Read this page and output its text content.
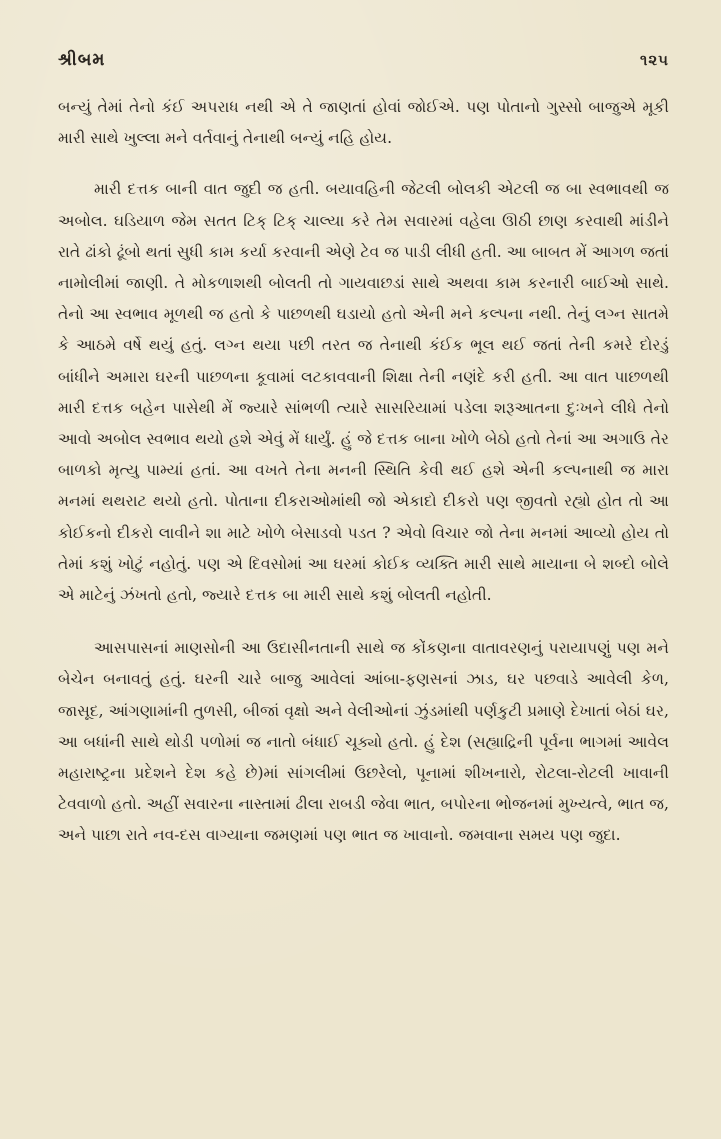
શ્રીબમ	૧૨૫

બન્યું તેમાં તેનો કંઈ અપરાધ નથી એ તે જાણતાં હોવાં જોઈએ. પણ પોતાનો ગુસ્સો બાજુએ મૂકી મારી સાથે ખુલ્લા મને વર્તવાનું તેનાથી બન્યું નહિ હોય.

મારી દત્તક બાની વાત જુદી જ હતી. બયાવહિની જેટલી બોલકી એટલી જ બા સ્વભાવથી જ અબોલ. ઘડિયાળ જેમ સતત ટિક્ ટિક્ ચાલ્યા કરે તેમ સવારમાં વહેલા ઊઠી છાણ કરવાથી માંડીને રાતે ઢાંકો ઢૂંબો થતાં સુધી કામ કર્યા કરવાની એણે ટેવ જ પાડી લીધી હતી. આ બાબત મેં આગળ જતાં નામોલીમાં જાણી. તે મોકળાશથી બોલતી તો ગાયવાછડાં સાથે અથવા કામ કરનારી બાઈઓ સાથે. તેનો આ સ્વભાવ મૂળથી જ હતો કે પાછળથી ઘડાયો હતો એની મને કલ્પના નથી. તેનું લગ્ન સાતમે કે આઠમે વર્ષે થયું હતું. લગ્ન થયા પછી તરત જ તેનાથી કંઈક ભૂલ થઈ જતાં તેની કમરે દોરડું બાંધીને અમારા ઘરની પાછળના કૂવામાં લટકાવવાની શિક્ષા તેની નણંદે કરી હતી. આ વાત પાછળથી મારી દત્તક બહેન પાસેથી મેં જ્યારે સાંભળી ત્યારે સાસરિયામાં પડેલા શરૂઆતના દુઃખને લીધે તેનો આવો અબોલ સ્વભાવ થયો હશે એવું મેં ધાર્યું. હું જે દત્તક બાના ખોળે બેઠો હતો તેનાં આ અગાઉ તેર બાળકો મૃત્યુ પામ્યાં હતાં. આ વખતે તેના મનની સ્થિતિ કેવી થઈ હશે એની કલ્પનાથી જ મારા મનમાં થથરાટ થયો હતો. પોતાના દીકરાઓમાંથી જો એકાદો દીકરો પણ જીવતો રહ્યો હોત તો આ કોઈકનો દીકરો લાવીને શા માટે ખોળે બેસાડવો પડત ? એવો વિચાર જો તેના મનમાં આવ્યો હોય તો તેમાં કશું ખોટું નહોતું. પણ એ દિવસોમાં આ ઘરમાં કોઈક વ્યક્તિ મારી સાથે માયાના બે શબ્દો બોલે એ માટેનું ઝંખતો હતો, જ્યારે દત્તક બા મારી સાથે કશું બોલતી નહોતી.

આસપાસનાં માણસોની આ ઉદાસીનતાની સાથે જ કોંકણના વાતાવરણનું પરાયાપણું પણ મને બેચેન બનાવતું હતું. ઘરની ચારે બાજુ આવેલાં આંબા-ફણસનાં ઝાડ, ઘર પછવાડે આવેલી કેળ, જાસૂદ, આંગણામાંની તુળસી, બીજાં વૃક્ષો અને વેલીઓનાં ઝુંડમાંથી પર્ણકુટી પ્રમાણે દેખાતાં બેઠાં ઘર, આ બધાંની સાથે થોડી પળોમાં જ નાતો બંધાઈ ચૂક્યો હતો. હું દેશ (સહ્યાદ્રિની પૂર્વના ભાગમાં આવેલ મહારાષ્ટ્રના પ્રદેશને દેશ કહે છે)માં સાંગલીમાં ઉછરેલો, પૂનામાં શીખનારો, રોટલા-રોટલી ખાવાની ટેવવાળો હતો. અહીં સવારના નાસ્તામાં ઢીલા રાબડી જેવા ભાત, બપોરના ભોજનમાં મુખ્યત્વે, ભાત જ, અને પાછા રાતે નવ-દસ વાગ્યાના જમણમાં પણ ભાત જ ખાવાનો. જમવાના સમય પણ જુદા.
